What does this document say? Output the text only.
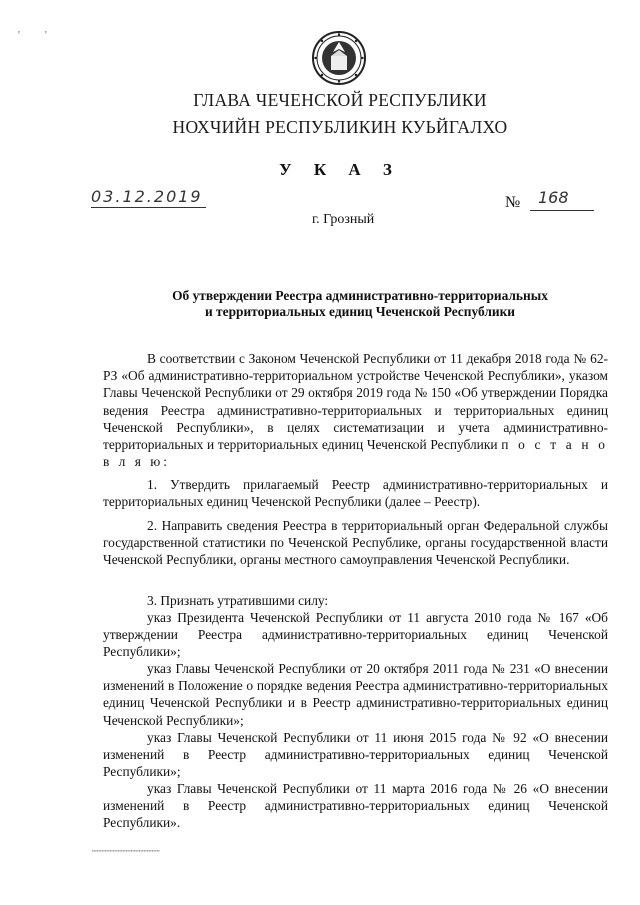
'	'
ГЛАВА ЧЕЧЕНСКОЙ РЕСПУБЛИКИ
НОХЧИЙН РЕСПУБЛИКИН КУЬЙГАЛХО
У К А З
03.12.2019	№ 168
г. Грозный
Об утверждении Реестра административно-территориальных
и территориальных единиц Чеченской Республики
В соответствии с Законом Чеченской Республики от 11 декабря 2018 года № 62-РЗ «Об административно-территориальном устройстве Чеченской Республики», указом Главы Чеченской Республики от 29 октября 2019 года № 150 «Об утверждении Порядка ведения Реестра административно-территориальных и территориальных единиц Чеченской Республики», в целях систематизации и учета административно-территориальных и территориальных единиц Чеченской Республики п о с т а н о в л я ю:
1. Утвердить прилагаемый Реестр административно-территориальных и территориальных единиц Чеченской Республики (далее – Реестр).
2. Направить сведения Реестра в территориальный орган Федеральной службы государственной статистики по Чеченской Республике, органы государственной власти Чеченской Республики, органы местного самоуправления Чеченской Республики.
3. Признать утратившими силу:
указ Президента Чеченской Республики от 11 августа 2010 года № 167 «Об утверждении Реестра административно-территориальных единиц Чеченской Республики»;
указ Главы Чеченской Республики от 20 октября 2011 года № 231 «О внесении изменений в Положение о порядке ведения Реестра административно-территориальных единиц Чеченской Республики и в Реестр административно-территориальных единиц Чеченской Республики»;
указ Главы Чеченской Республики от 11 июня 2015 года № 92 «О внесении изменений в Реестр административно-территориальных единиц Чеченской Республики»;
указ Главы Чеченской Республики от 11 марта 2016 года № 26 «О внесении изменений в Реестр административно-территориальных единиц Чеченской Республики».
▪▪▪▪▪▪▪▪▪▪▪▪▪▪▪▪▪▪▪▪▪▪▪▪▪▪▪▪▪▪▪▪▪▪▪▪▪▪▪▪▪▪
